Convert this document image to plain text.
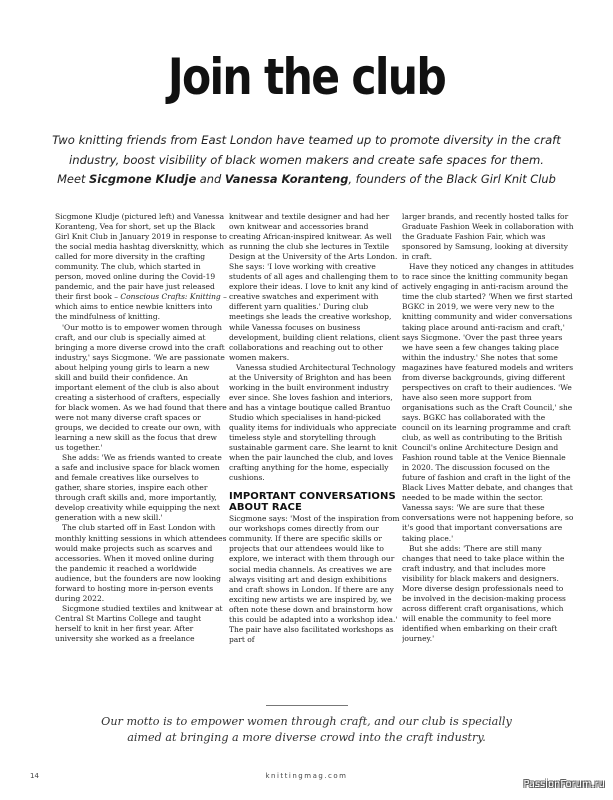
Join the club

Two knitting friends from East London have teamed up to promote diversity in the craft industry, boost visibility of black women makers and create safe spaces for them.

Meet Sicgmone Kludje and Vanessa Koranteng, founders of the Black Girl Knit Club

Sicgmone Kludje (pictured left) and Vanessa Koranteng, Vea for short, set up the Black Girl Knit Club in January 2019 in response to the social media hashtag diversknitty, which called for more diversity in the crafting community. The club, which started in person, moved online during the Covid-19 pandemic, and the pair have just released their first book – Conscious Crafts: Knitting – which aims to entice newbie knitters into the mindfulness of knitting.

'Our motto is to empower women through craft, and our club is specially aimed at bringing a more diverse crowd into the craft industry,' says Sicgmone. 'We are passionate about helping young girls to learn a new skill and build their confidence. An important element of the club is also about creating a sisterhood of crafters, especially for black women. As we had found that there were not many diverse craft spaces or groups, we decided to create our own, with learning a new skill as the focus that drew us together.'

She adds: 'We as friends wanted to create a safe and inclusive space for black women and female creatives like ourselves to gather, share stories, inspire each other through craft skills and, more importantly, develop creativity while equipping the next generation with a new skill.'

The club started off in East London with monthly knitting sessions in which attendees would make projects such as scarves and accessories. When it moved online during the pandemic it reached a worldwide audience, but the founders are now looking forward to hosting more in-person events during 2022.

Sicgmone studied textiles and knitwear at Central St Martins College and taught herself to knit in her first year. After university she worked as a freelance

knitwear and textile designer and had her own knitwear and accessories brand creating African-inspired knitwear. As well as running the club she lectures in Textile Design at the University of the Arts London. She says: 'I love working with creative students of all ages and challenging them to explore their ideas. I love to knit any kind of creative swatches and experiment with different yarn qualities.' During club meetings she leads the creative workshop, while Vanessa focuses on business development, building client relations, client collaborations and reaching out to other women makers.

Vanessa studied Architectural Technology at the University of Brighton and has been working in the built environment industry ever since. She loves fashion and interiors, and has a vintage boutique called Brantuo Studio which specialises in hand-picked quality items for individuals who appreciate timeless style and storytelling through sustainable garment care. She learnt to knit when the pair launched the club, and loves crafting anything for the home, especially cushions.

IMPORTANT CONVERSATIONS ABOUT RACE

Sicgmone says: 'Most of the inspiration from our workshops comes directly from our community. If there are specific skills or projects that our attendees would like to explore, we interact with them through our social media channels. As creatives we are always visiting art and design exhibitions and craft shows in London. If there are any exciting new artists we are inspired by, we often note these down and brainstorm how this could be adapted into a workshop idea.' The pair have also facilitated workshops as part of

larger brands, and recently hosted talks for Graduate Fashion Week in collaboration with the Graduate Fashion Fair, which was sponsored by Samsung, looking at diversity in craft.

Have they noticed any changes in attitudes to race since the knitting community began actively engaging in anti-racism around the time the club started? 'When we first started BGKC in 2019, we were very new to the knitting community and wider conversations taking place around anti-racism and craft,' says Sicgmone. 'Over the past three years we have seen a few changes taking place within the industry.' She notes that some magazines have featured models and writers from diverse backgrounds, giving different perspectives on craft to their audiences. 'We have also seen more support from organisations such as the Craft Council,' she says. BGKC has collaborated with the council on its learning programme and craft club, as well as contributing to the British Council's online Architecture Design and Fashion round table at the Venice Biennale in 2020. The discussion focused on the future of fashion and craft in the light of the Black Lives Matter debate, and changes that needed to be made within the sector. Vanessa says: 'We are sure that these conversations were not happening before, so it's good that important conversations are taking place.'

But she adds: 'There are still many changes that need to take place within the craft industry, and that includes more visibility for black makers and designers. More diverse design professionals need to be involved in the decision-making process across different craft organisations, which will enable the community to feel more identified when embarking on their craft journey.'

Our motto is to empower women through craft, and our club is specially aimed at bringing a more diverse crowd into the craft industry.

14	knittingmag.com
PassionForum.ru
